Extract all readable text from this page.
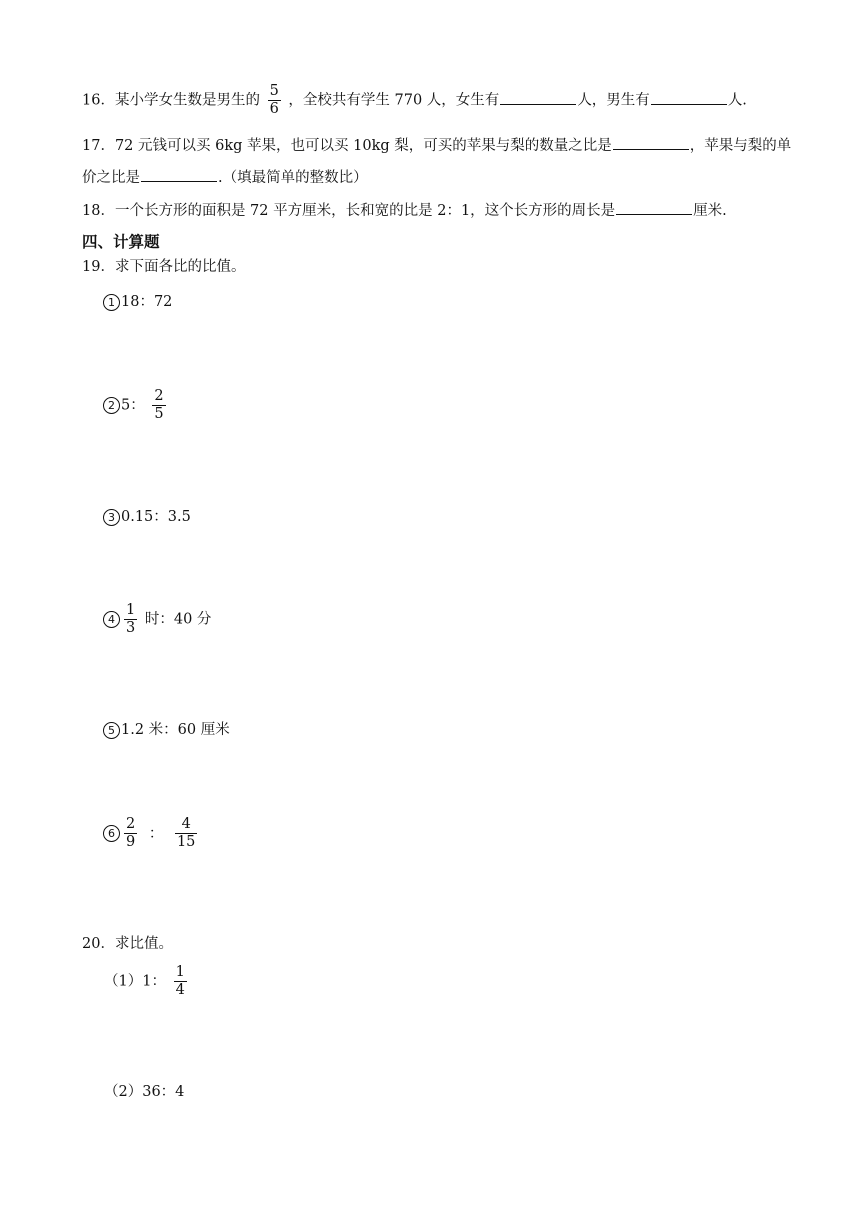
16．某小学女生数是男生的 $\frac{5}{6}$ ，全校共有学生 770 人，女生有	人，男生有	人.
17．72 元钱可以买 6kg 苹果，也可以买 10kg 梨，可买的苹果与梨的数量之比是	，苹果与梨的单
价之比是	.（填最简单的整数比）
18．一个长方形的面积是 72 平方厘米，长和宽的比是 2：1，这个长方形的周长是	厘米.
四、计算题
19．求下面各比的比值。
1 18：72
2 5： $\frac{2}{5}$
3 0.15：3.5
$4 \frac{1}{3}$ 时：40 分
5 1.2 米：60 厘米
$6 \frac{2}{9}$ ： $\frac{4}{15}$
20．求比值。
（1）1： $\frac{1}{4}$
（2）36：4
